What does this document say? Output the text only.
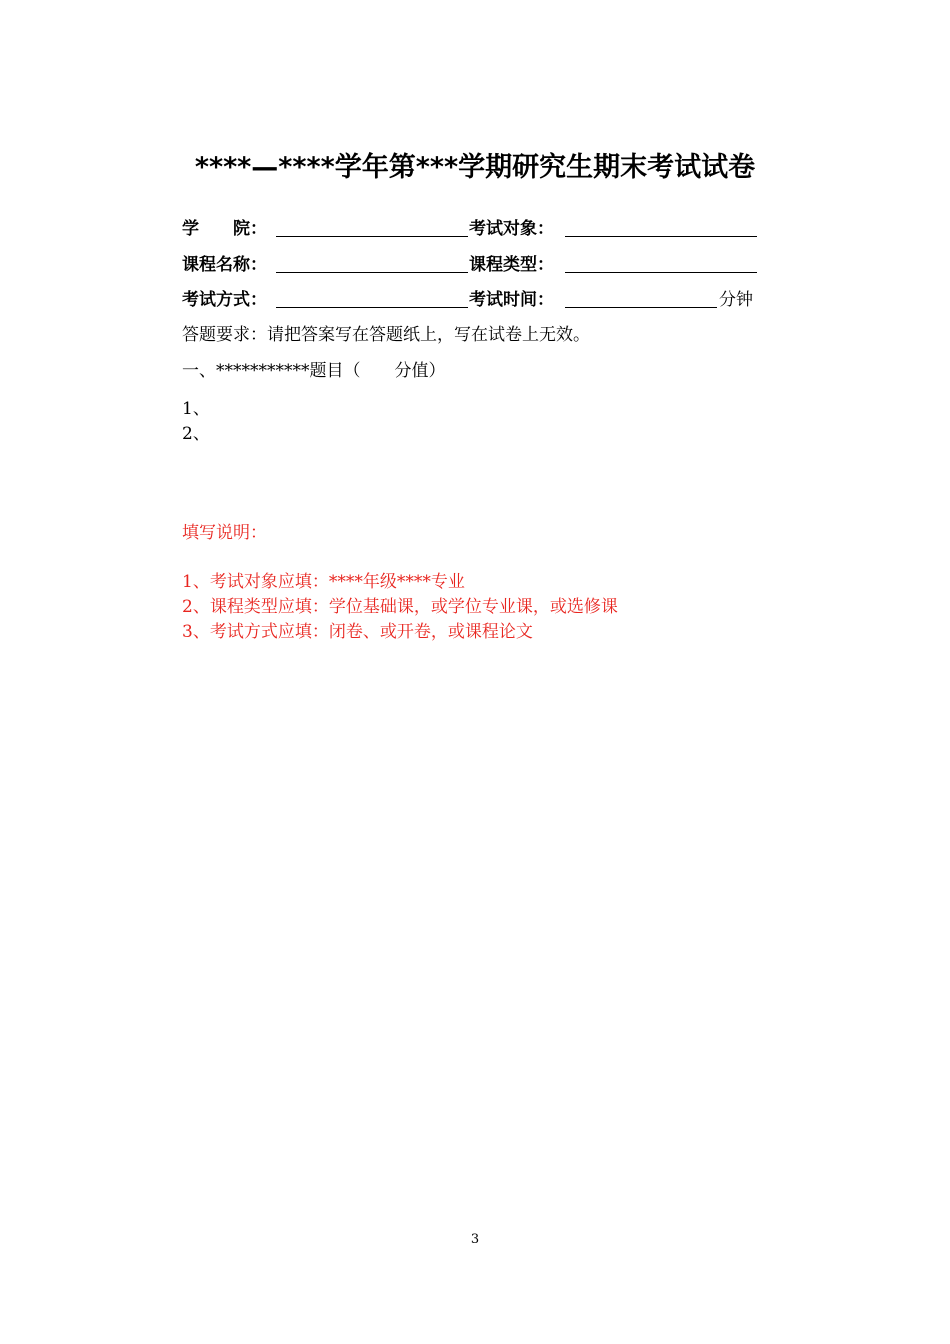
****—****学年第***学期研究生期末考试试卷
学　　院：	考试对象：
课程名称：	课程类型：
考试方式：	考试时间：	分钟
答题要求：请把答案写在答题纸上，写在试卷上无效。
一、***********题目（　　分值）
1、
2、
填写说明：
1、考试对象应填：****年级****专业
2、课程类型应填：学位基础课，或学位专业课，或选修课
3、考试方式应填：闭卷、或开卷，或课程论文
3
